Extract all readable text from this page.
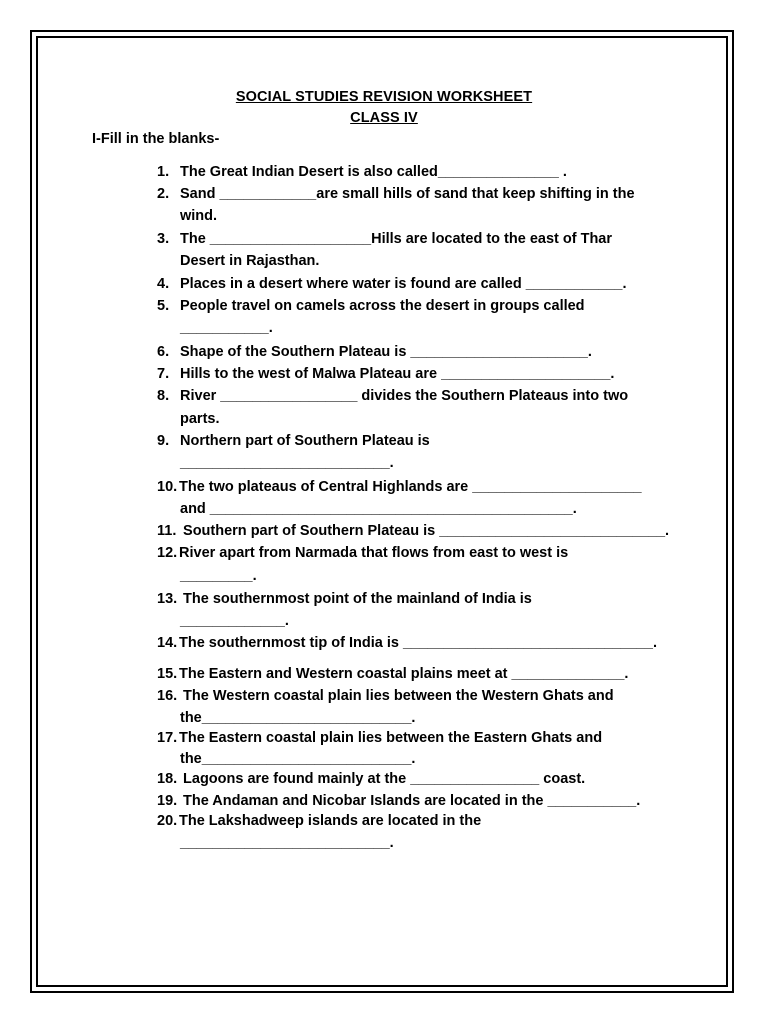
SOCIAL STUDIES REVISION WORKSHEET
CLASS IV
I-Fill in the blanks-
1. The Great Indian Desert is also called_______________ .
2. Sand ____________are small hills of sand that keep shifting in the
wind.
3. The ____________________Hills are located to the east of Thar
Desert in Rajasthan.
4. Places in a desert where water is found are called ____________.
5. People travel on camels across the desert in groups called
___________.
6. Shape of the Southern Plateau is ______________________.
7. Hills to the west of Malwa Plateau are _____________________.
8. River _________________ divides the Southern Plateaus into two
parts.
9. Northern part of Southern Plateau is
__________________________.
10. The two plateaus of Central Highlands are _____________________
and _____________________________________________.
11. Southern part of Southern Plateau is ____________________________.
12. River apart from Narmada that flows from east to west is
_________.
13. The southernmost point of the mainland of India is
_____________.
14. The southernmost tip of India is _______________________________.
15. The Eastern and Western coastal plains meet at ______________.
16. The Western coastal plain lies between the Western Ghats and
the__________________________.
17. The Eastern coastal plain lies between the Eastern Ghats and
the__________________________.
18. Lagoons are found mainly at the ________________ coast.
19. The Andaman and Nicobar Islands are located in the ___________.
20. The Lakshadweep islands are located in the
__________________________.
